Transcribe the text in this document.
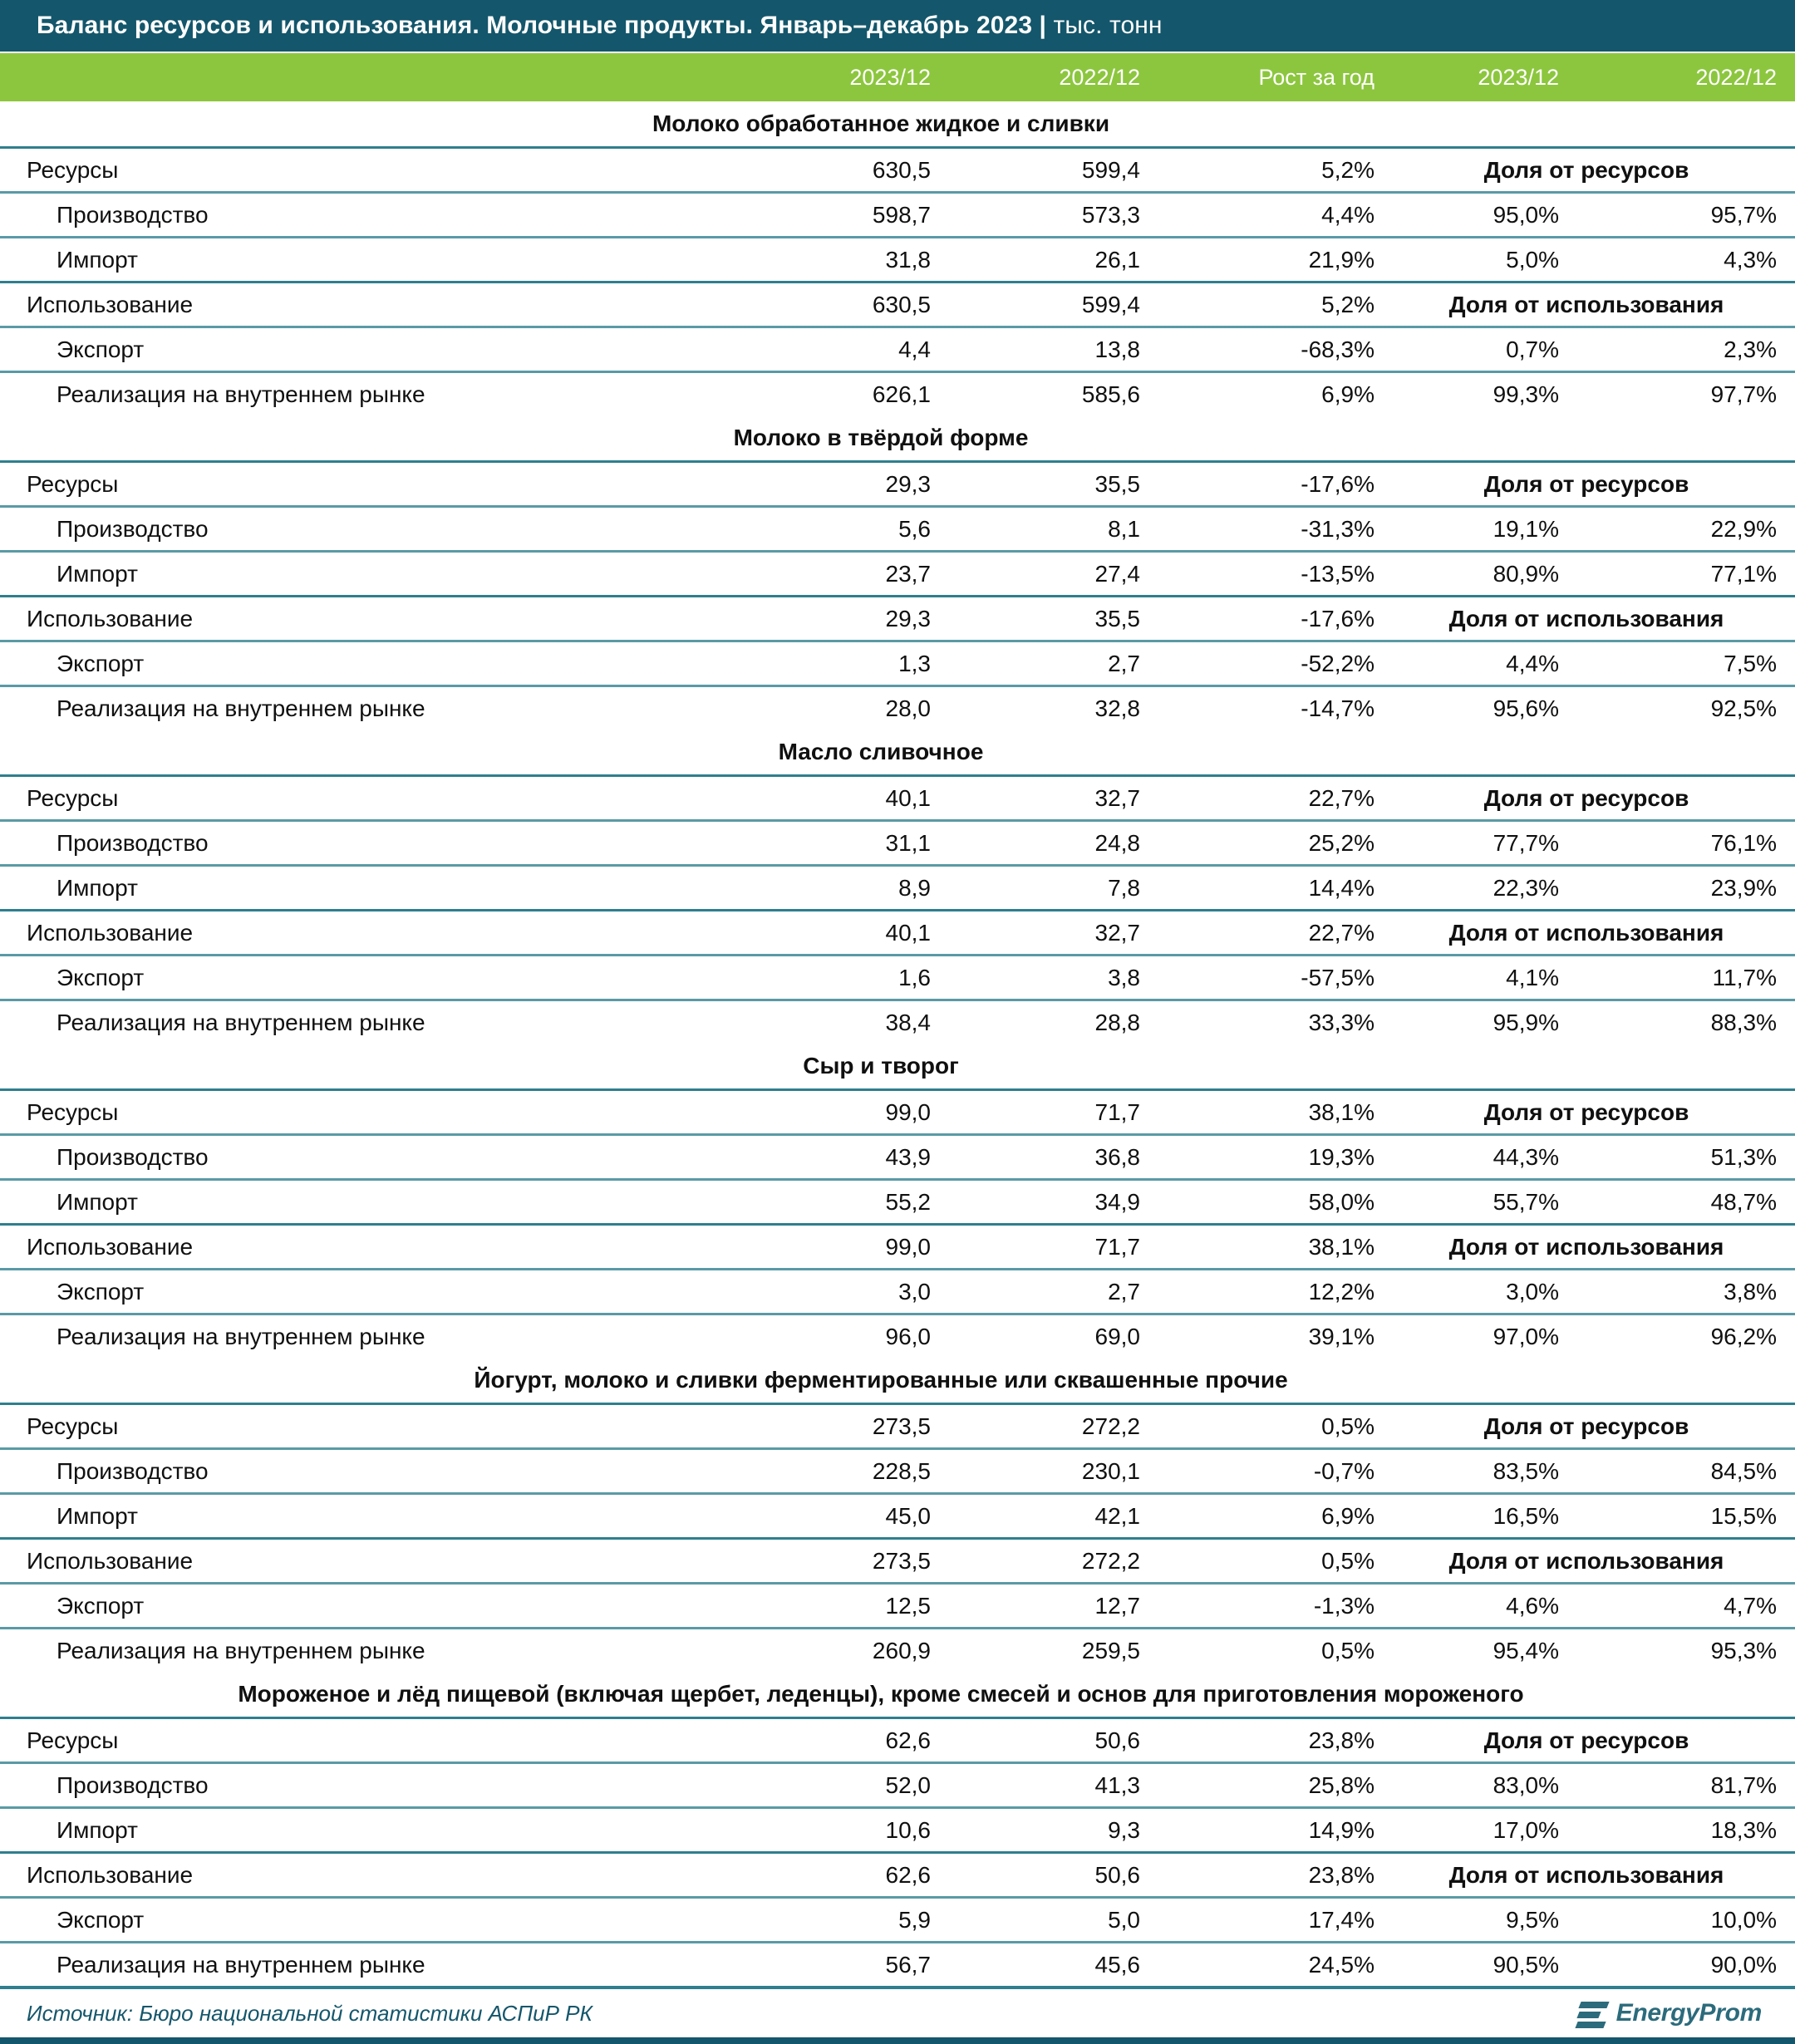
Баланс ресурсов и использования. Молочные продукты. Январь–декабрь 2023 | тыс. тонн
2023/12	2022/12	Рост за год	2023/12	2022/12
Молоко обработанное жидкое и сливки
Ресурсы	630,5	599,4	5,2%	Доля от ресурсов
Производство	598,7	573,3	4,4%	95,0%	95,7%
Импорт	31,8	26,1	21,9%	5,0%	4,3%
Использование	630,5	599,4	5,2%	Доля от использования
Экспорт	4,4	13,8	-68,3%	0,7%	2,3%
Реализация на внутреннем рынке	626,1	585,6	6,9%	99,3%	97,7%
Молоко в твёрдой форме
Ресурсы	29,3	35,5	-17,6%	Доля от ресурсов
Производство	5,6	8,1	-31,3%	19,1%	22,9%
Импорт	23,7	27,4	-13,5%	80,9%	77,1%
Использование	29,3	35,5	-17,6%	Доля от использования
Экспорт	1,3	2,7	-52,2%	4,4%	7,5%
Реализация на внутреннем рынке	28,0	32,8	-14,7%	95,6%	92,5%
Масло сливочное
Ресурсы	40,1	32,7	22,7%	Доля от ресурсов
Производство	31,1	24,8	25,2%	77,7%	76,1%
Импорт	8,9	7,8	14,4%	22,3%	23,9%
Использование	40,1	32,7	22,7%	Доля от использования
Экспорт	1,6	3,8	-57,5%	4,1%	11,7%
Реализация на внутреннем рынке	38,4	28,8	33,3%	95,9%	88,3%
Сыр и творог
Ресурсы	99,0	71,7	38,1%	Доля от ресурсов
Производство	43,9	36,8	19,3%	44,3%	51,3%
Импорт	55,2	34,9	58,0%	55,7%	48,7%
Использование	99,0	71,7	38,1%	Доля от использования
Экспорт	3,0	2,7	12,2%	3,0%	3,8%
Реализация на внутреннем рынке	96,0	69,0	39,1%	97,0%	96,2%
Йогурт, молоко и сливки ферментированные или сквашенные прочие
Ресурсы	273,5	272,2	0,5%	Доля от ресурсов
Производство	228,5	230,1	-0,7%	83,5%	84,5%
Импорт	45,0	42,1	6,9%	16,5%	15,5%
Использование	273,5	272,2	0,5%	Доля от использования
Экспорт	12,5	12,7	-1,3%	4,6%	4,7%
Реализация на внутреннем рынке	260,9	259,5	0,5%	95,4%	95,3%
Мороженое и лёд пищевой (включая щербет, леденцы), кроме смесей и основ для приготовления мороженого
Ресурсы	62,6	50,6	23,8%	Доля от ресурсов
Производство	52,0	41,3	25,8%	83,0%	81,7%
Импорт	10,6	9,3	14,9%	17,0%	18,3%
Использование	62,6	50,6	23,8%	Доля от использования
Экспорт	5,9	5,0	17,4%	9,5%	10,0%
Реализация на внутреннем рынке	56,7	45,6	24,5%	90,5%	90,0%
Источник: Бюро национальной статистики АСПиР РК	EnergyProm
